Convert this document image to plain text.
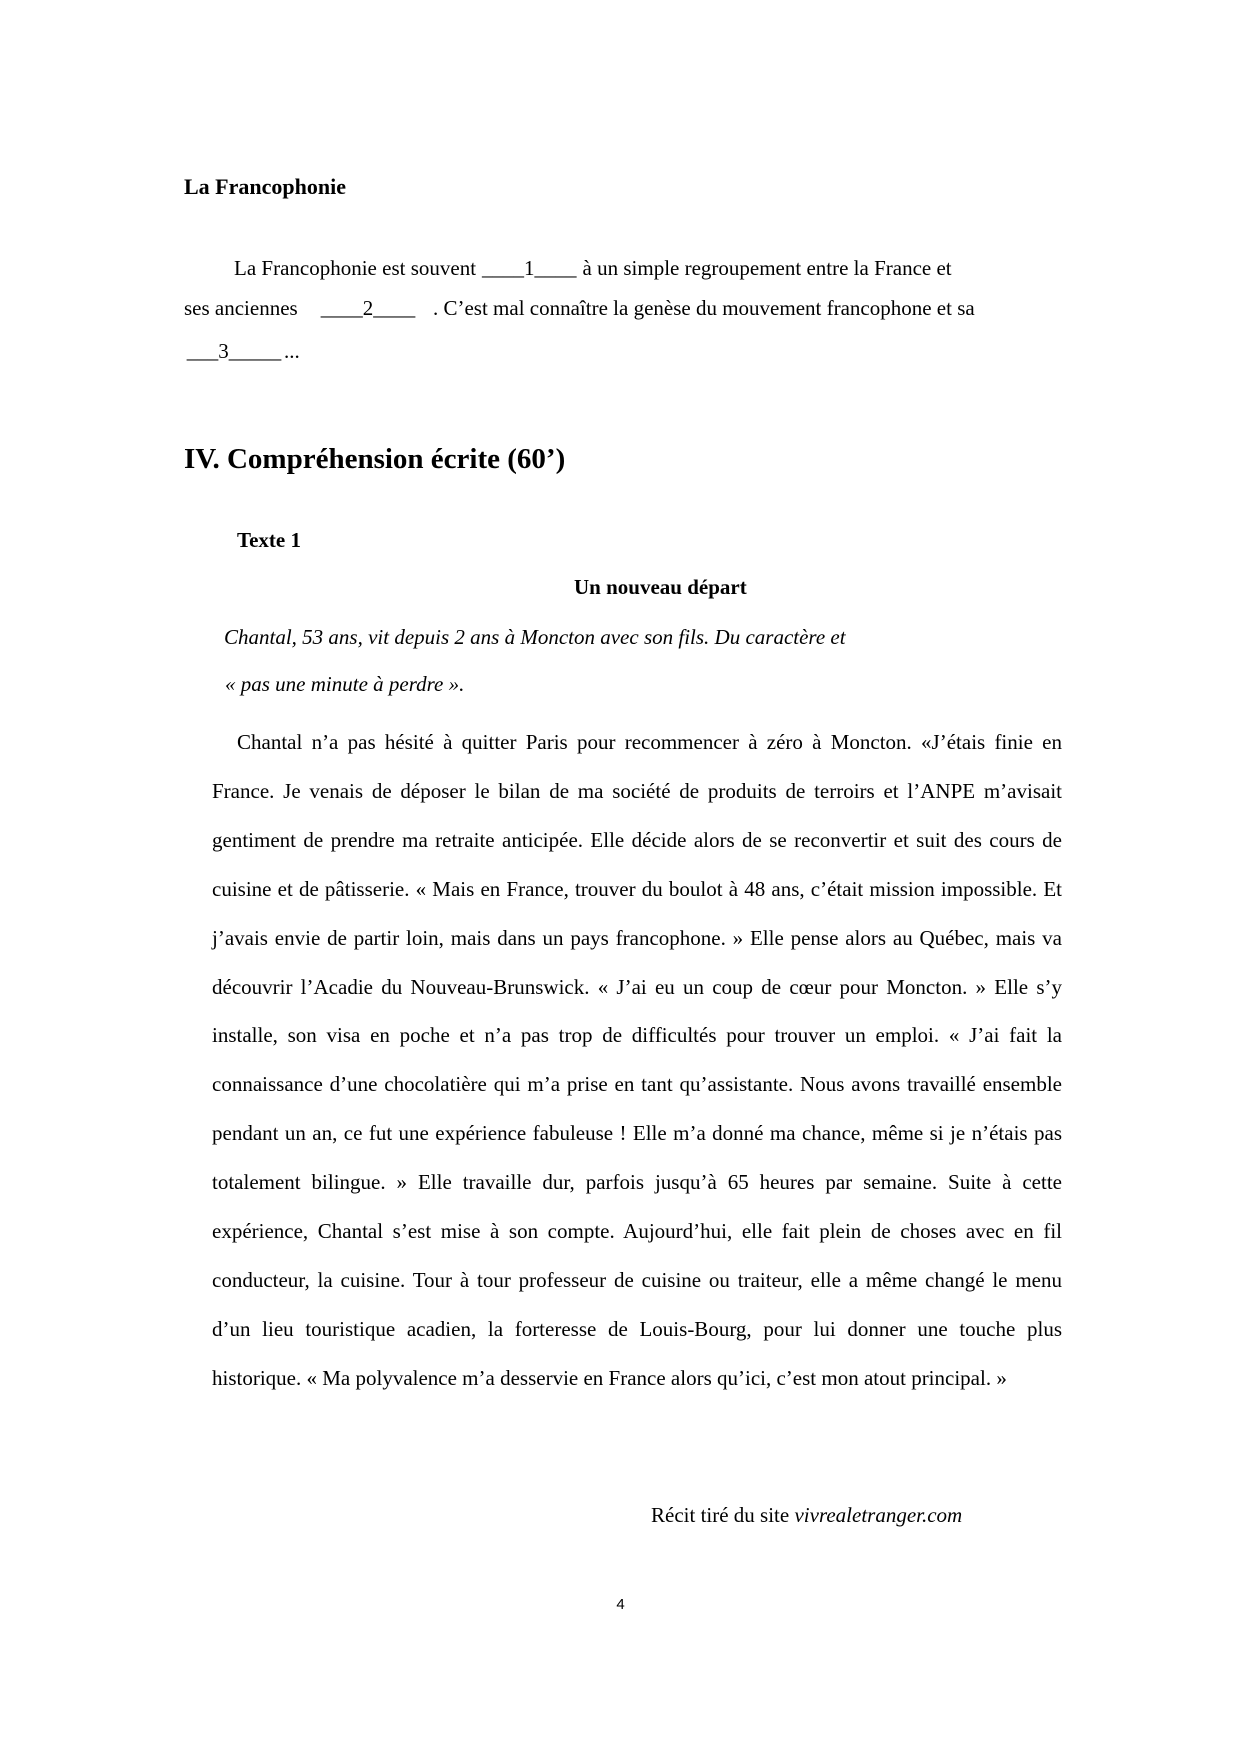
La Francophonie
La Francophonie est souvent ____1____ à un simple regroupement entre la France et
ses anciennes ____2____ . C’est mal connaître la genèse du mouvement francophone et sa
___3_____ ...
IV. Compréhension écrite (60’)
Texte 1
Un nouveau départ
Chantal, 53 ans, vit depuis 2 ans à Moncton avec son fils. Du caractère et
« pas une minute à perdre ».
Chantal n’a pas hésité à quitter Paris pour recommencer à zéro à Moncton. «J’étais finie en France. Je venais de déposer le bilan de ma société de produits de terroirs et l’ANPE m’avisait gentiment de prendre ma retraite anticipée. Elle décide alors de se reconvertir et suit des cours de cuisine et de pâtisserie. « Mais en France, trouver du boulot à 48 ans, c’était mission impossible. Et j’avais envie de partir loin, mais dans un pays francophone. » Elle pense alors au Québec, mais va découvrir l’Acadie du Nouveau-Brunswick. « J’ai eu un coup de cœur pour Moncton. » Elle s’y installe, son visa en poche et n’a pas trop de difficultés pour trouver un emploi. « J’ai fait la connaissance d’une chocolatière qui m’a prise en tant qu’assistante. Nous avons travaillé ensemble pendant un an, ce fut une expérience fabuleuse ! Elle m’a donné ma chance, même si je n’étais pas totalement bilingue. » Elle travaille dur, parfois jusqu’à 65 heures par semaine. Suite à cette expérience, Chantal s’est mise à son compte. Aujourd’hui, elle fait plein de choses avec en fil conducteur, la cuisine. Tour à tour professeur de cuisine ou traiteur, elle a même changé le menu d’un lieu touristique acadien, la forteresse de Louis-Bourg, pour lui donner une touche plus historique. « Ma polyvalence m’a desservie en France alors qu’ici, c’est mon atout principal. »
Récit tiré du site vivrealetranger.com
4
